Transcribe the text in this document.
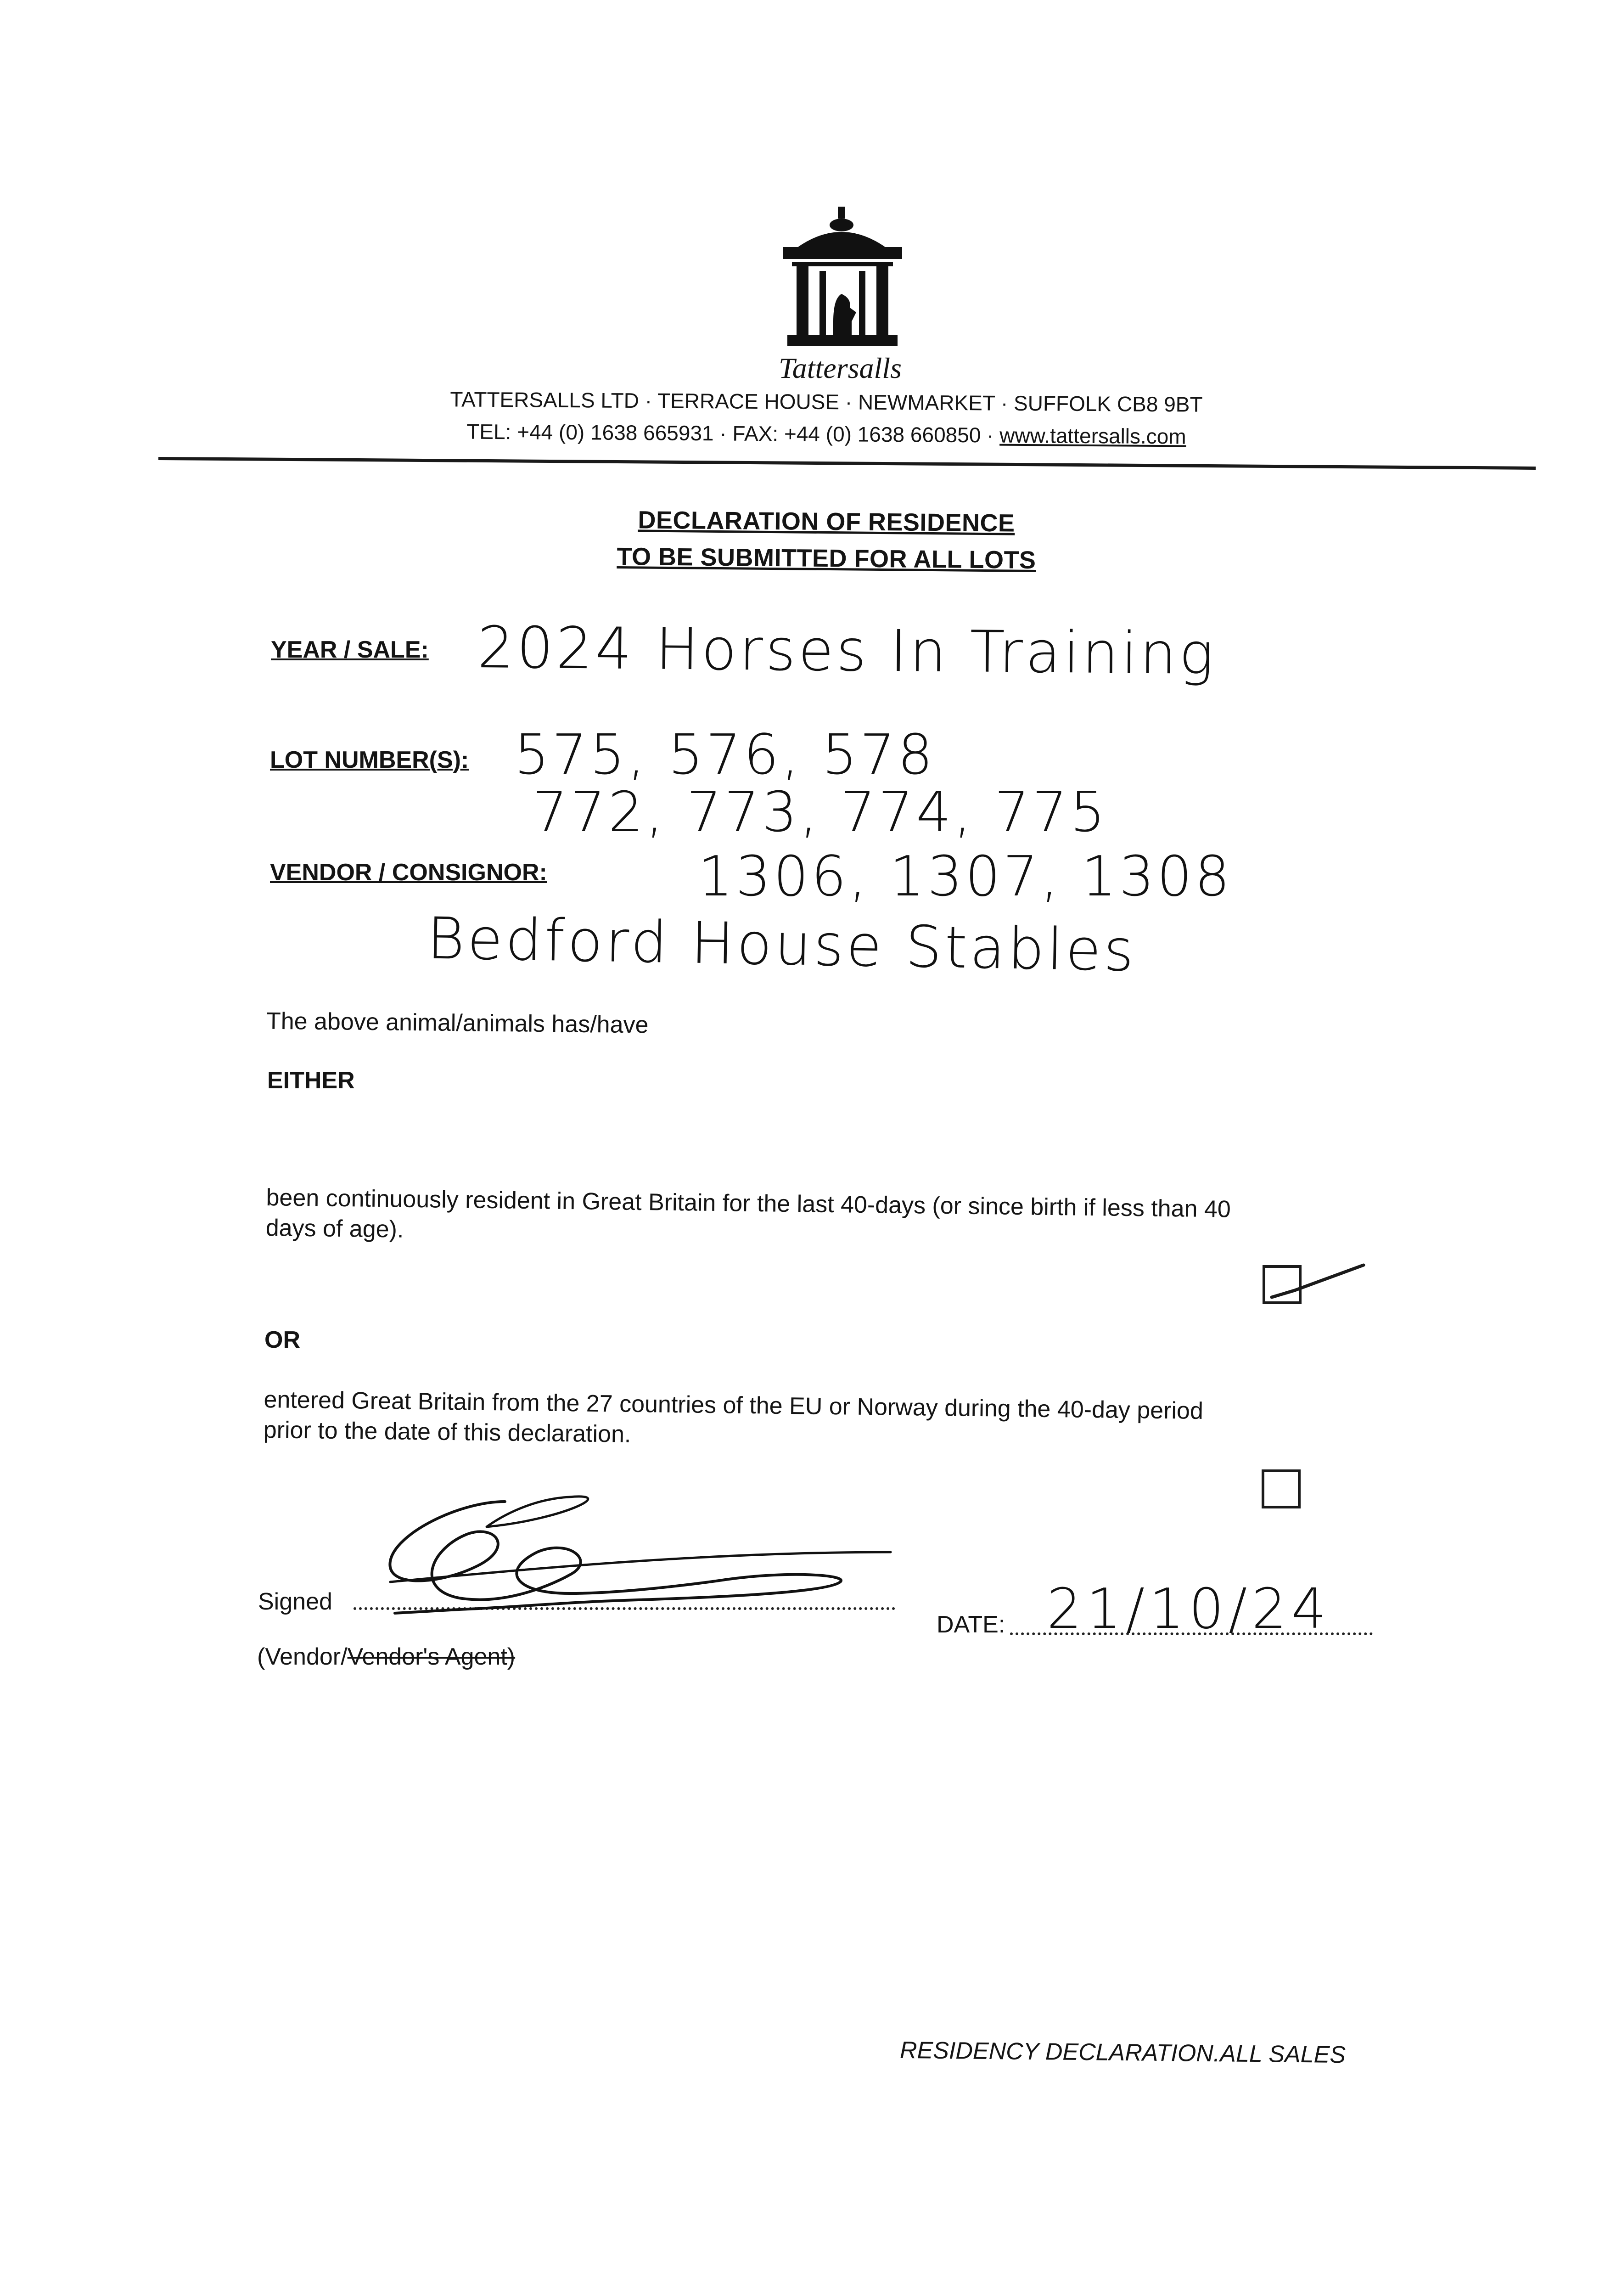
Tattersalls
TATTERSALLS LTD · TERRACE HOUSE · NEWMARKET · SUFFOLK CB8 9BT
TEL: +44 (0) 1638 665931 · FAX: +44 (0) 1638 660850 · www.tattersalls.com
DECLARATION OF RESIDENCE
TO BE SUBMITTED FOR ALL LOTS
YEAR / SALE: 2024 Horses In Training
LOT NUMBER(S): 575, 576, 578
772, 773, 774, 775
1306, 1307, 1308
VENDOR / CONSIGNOR:
Bedford House Stables
The above animal/animals has/have
EITHER
been continuously resident in Great Britain for the last 40-days (or since birth if less than 40
days of age).
OR
entered Great Britain from the 27 countries of the EU or Norway during the 40-day period
prior to the date of this declaration.
Signed
(Vendor/Vendor's Agent)
DATE: 21/10/24
RESIDENCY DECLARATION.ALL SALES
